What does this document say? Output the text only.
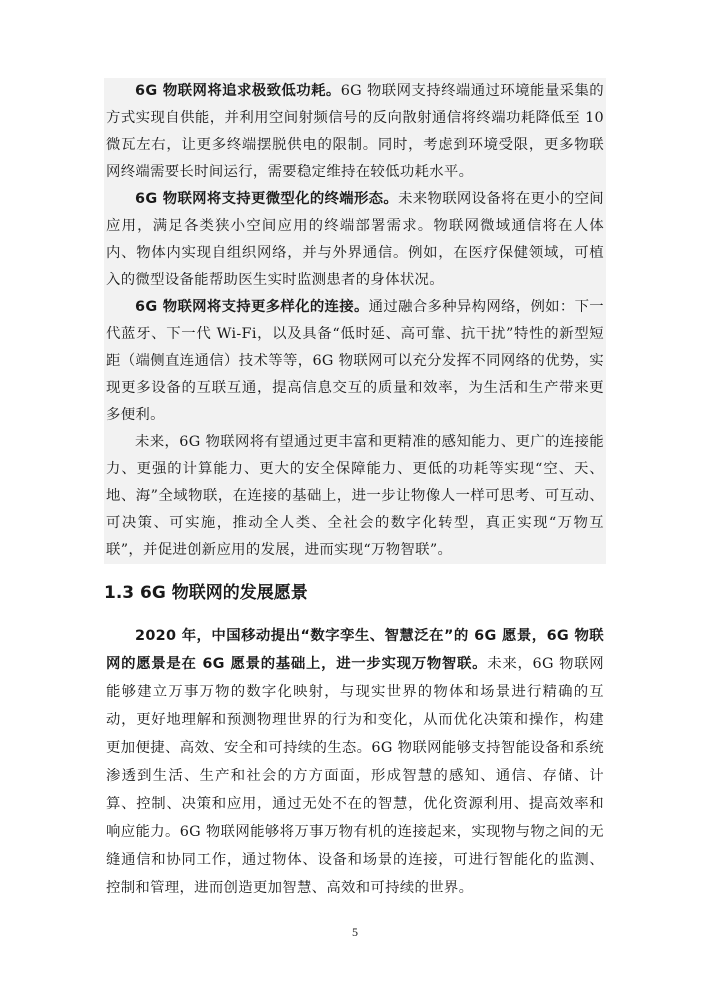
6G 物联网将追求极致低功耗。6G 物联网支持终端通过环境能量采集的方式实现自供能，并利用空间射频信号的反向散射通信将终端功耗降低至 10 微瓦左右，让更多终端摆脱供电的限制。同时，考虑到环境受限，更多物联网终端需要长时间运行，需要稳定维持在较低功耗水平。

6G 物联网将支持更微型化的终端形态。未来物联网设备将在更小的空间应用，满足各类狭小空间应用的终端部署需求。物联网微域通信将在人体内、物体内实现自组织网络，并与外界通信。例如，在医疗保健领域，可植入的微型设备能帮助医生实时监测患者的身体状况。

6G 物联网将支持更多样化的连接。通过融合多种异构网络，例如：下一代蓝牙、下一代 Wi-Fi，以及具备“低时延、高可靠、抗干扰”特性的新型短距（端侧直连通信）技术等等，6G 物联网可以充分发挥不同网络的优势，实现更多设备的互联互通，提高信息交互的质量和效率，为生活和生产带来更多便利。

未来，6G 物联网将有望通过更丰富和更精准的感知能力、更广的连接能力、更强的计算能力、更大的安全保障能力、更低的功耗等实现“空、天、地、海”全域物联，在连接的基础上，进一步让物像人一样可思考、可互动、可决策、可实施，推动全人类、全社会的数字化转型，真正实现“万物互联”，并促进创新应用的发展，进而实现“万物智联”。

1.3 6G 物联网的发展愿景

2020 年，中国移动提出“数字孪生、智慧泛在”的 6G 愿景，6G 物联网的愿景是在 6G 愿景的基础上，进一步实现万物智联。未来，6G 物联网能够建立万事万物的数字化映射，与现实世界的物体和场景进行精确的互动，更好地理解和预测物理世界的行为和变化，从而优化决策和操作，构建更加便捷、高效、安全和可持续的生态。6G 物联网能够支持智能设备和系统渗透到生活、生产和社会的方方面面，形成智慧的感知、通信、存储、计算、控制、决策和应用，通过无处不在的智慧，优化资源利用、提高效率和响应能力。6G 物联网能够将万事万物有机的连接起来，实现物与物之间的无缝通信和协同工作，通过物体、设备和场景的连接，可进行智能化的监测、控制和管理，进而创造更加智慧、高效和可持续的世界。

5
